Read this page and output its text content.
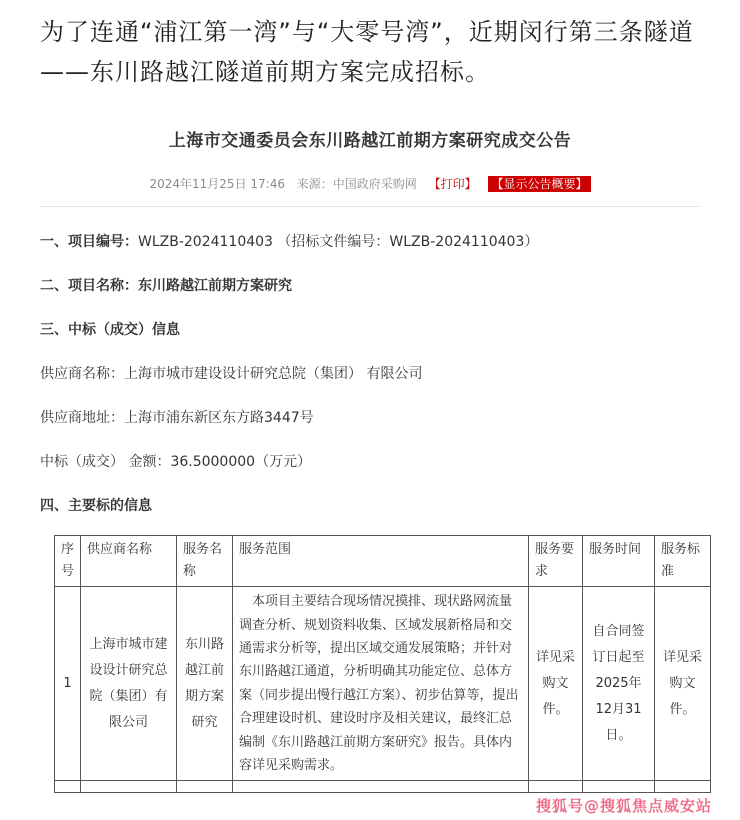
为了连通“浦江第一湾”与“大零号湾”，近期闵行第三条隧道——东川路越江隧道前期方案完成招标。
上海市交通委员会东川路越江前期方案研究成交公告
2024年11月25日 17:46 来源：中国政府采购网 【打印】 【显示公告概要】
一、项目编号：WLZB-2024110403 （招标文件编号：WLZB-2024110403）
二、项目名称：东川路越江前期方案研究
三、中标（成交）信息
供应商名称：上海市城市建设设计研究总院（集团） 有限公司
供应商地址：上海市浦东新区东方路3447号
中标（成交） 金额：36.5000000（万元）
四、主要标的信息
序号	供应商名称	服务名称	服务范围	服务要求	服务时间	服务标准
1	上海市城市建设设计研究总院（集团）有限公司	东川路越江前期方案研究	本项目主要结合现场情况摸排、现状路网流量调查分析、规划资料收集、区域发展新格局和交通需求分析等，提出区域交通发展策略；并针对东川路越江通道，分析明确其功能定位、总体方案（同步提出慢行越江方案）、初步估算等，提出合理建设时机、建设时序及相关建议，最终汇总编制《东川路越江前期方案研究》报告。具体内容详见采购需求。	详见采购文件。	自合同签订日起至2025年12月31日。	详见采购文件。

搜狐号@搜狐焦点威安站
